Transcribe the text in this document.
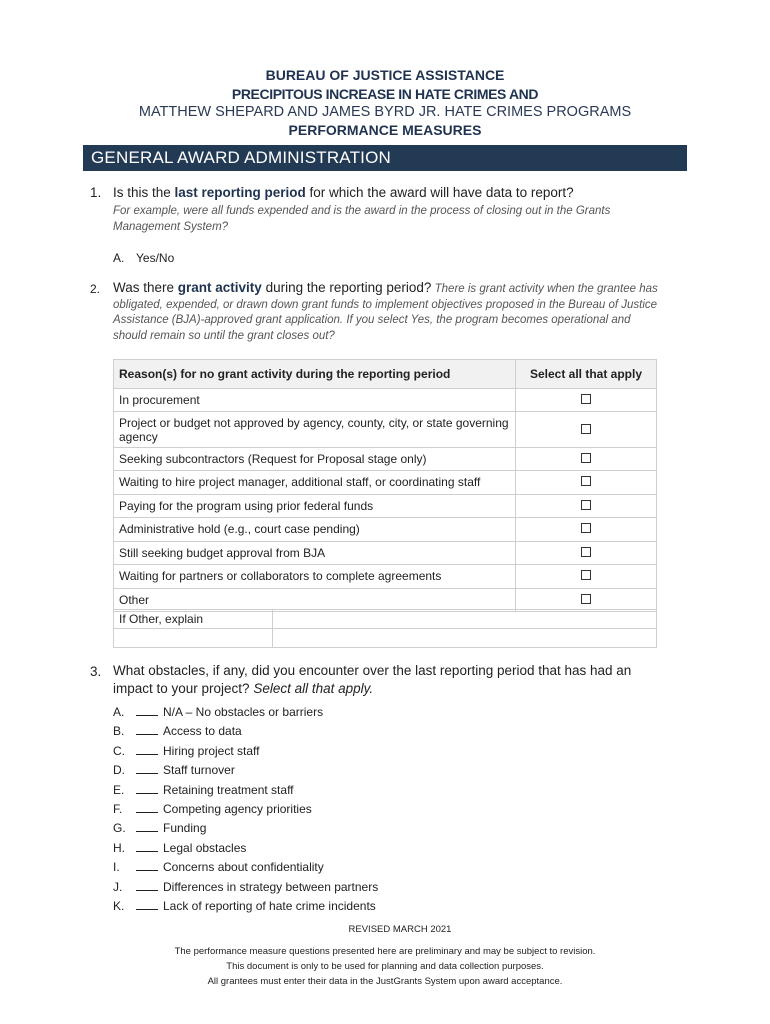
BUREAU OF JUSTICE ASSISTANCE
PRECIPITOUS INCREASE IN HATE CRIMES AND
MATTHEW SHEPARD AND JAMES BYRD JR. HATE CRIMES PROGRAMS
PERFORMANCE MEASURES
GENERAL AWARD ADMINISTRATION
1. Is this the last reporting period for which the award will have data to report?
For example, were all funds expended and is the award in the process of closing out in the Grants Management System?
A. Yes/No
2. Was there grant activity during the reporting period? There is grant activity when the grantee has obligated, expended, or drawn down grant funds to implement objectives proposed in the Bureau of Justice Assistance (BJA)-approved grant application. If you select Yes, the program becomes operational and should remain so until the grant closes out?
Reason(s) for no grant activity during the reporting period	Select all that apply
In procurement	
Project or budget not approved by agency, county, city, or state governing agency	
Seeking subcontractors (Request for Proposal stage only)	
Waiting to hire project manager, additional staff, or coordinating staff	
Paying for the program using prior federal funds	
Administrative hold (e.g., court case pending)	
Still seeking budget approval from BJA	
Waiting for partners or collaborators to complete agreements	
Other	
If Other, explain	

3. What obstacles, if any, did you encounter over the last reporting period that has had an impact to your project? Select all that apply.
A.	N/A – No obstacles or barriers
B.	Access to data
C.	Hiring project staff
D.	Staff turnover
E.	Retaining treatment staff
F.	Competing agency priorities
G.	Funding
H.	Legal obstacles
I.	Concerns about confidentiality
J.	Differences in strategy between partners
K.	Lack of reporting of hate crime incidents
REVISED MARCH 2021
The performance measure questions presented here are preliminary and may be subject to revision.
This document is only to be used for planning and data collection purposes.
All grantees must enter their data in the JustGrants System upon award acceptance.
